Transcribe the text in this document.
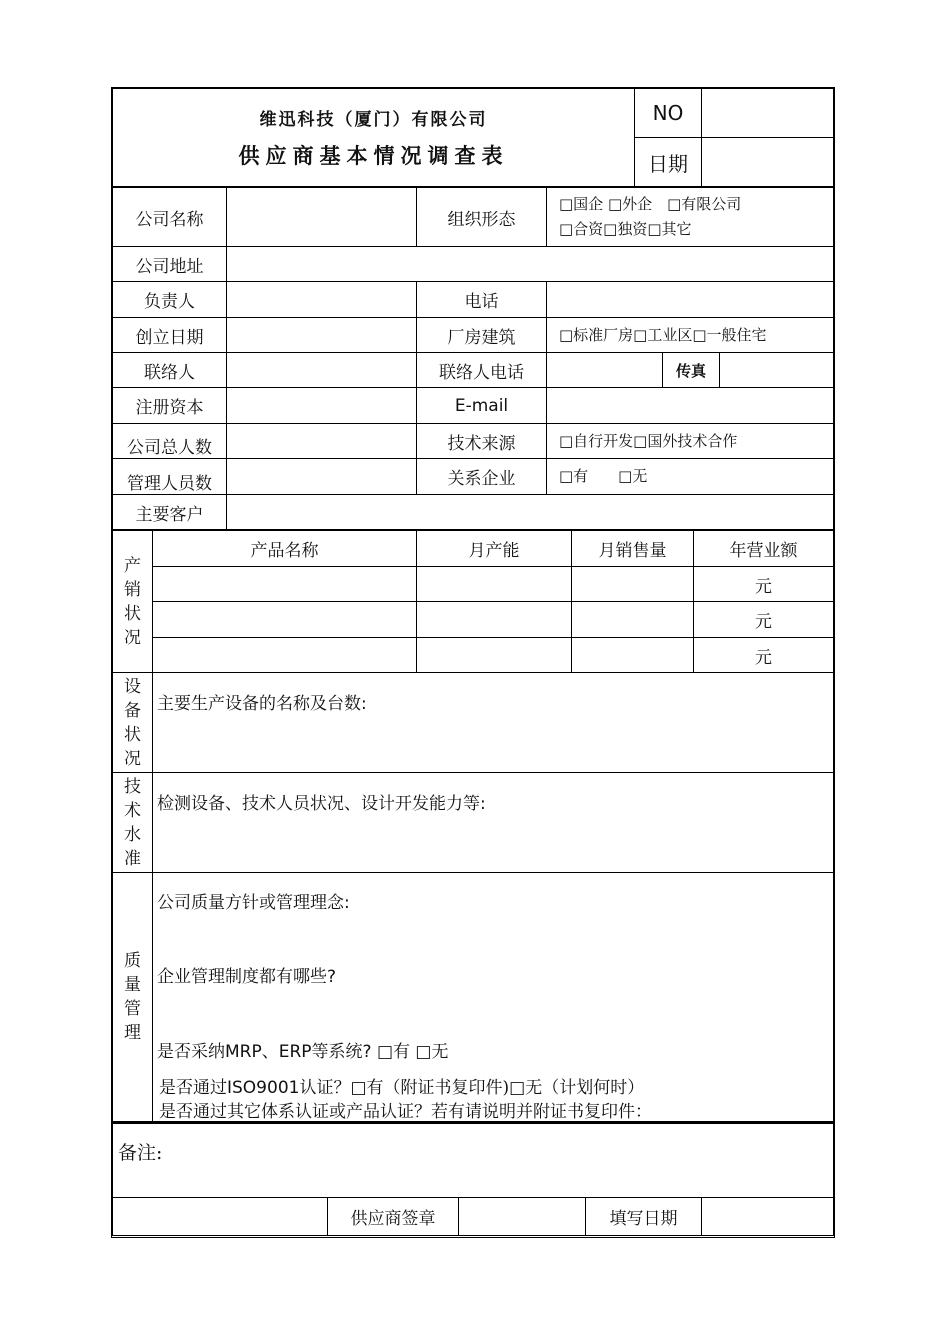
维迅科技（厦门）有限公司
供应商基本情况调查表	NO	
	日期	
公司名称		组织形态	□国企 □外企　□有限公司
□合资□独资□其它		

公司地址					
负责人		电话			
创立日期		厂房建筑	□标准厂房□工业区□一般住宅		
联络人		联络人电话		传真	
注册资本		E-mail			
公司总人数		技术来源	□自行开发□国外技术合作		
管理人员数		关系企业	□有　　□无		
主要客户					
产销状况	产品名称	月产能	月销售量	年营业额
				元
				元
				元

设备状况	主要生产设备的名称及台数:			

技术水准	检测设备、技术人员状况、设计开发能力等:			

质量管理	公司质量方针或管理理念:
企业管理制度都有哪些?
是否采纳MRP、ERP等系统? □有 □无
是否通过ISO9001认证？□有（附证书复印件)□无（计划何时）
是否通过其它体系认证或产品认证？若有请说明并附证书复印件：			
备注:
	供应商签章		填写日期	
